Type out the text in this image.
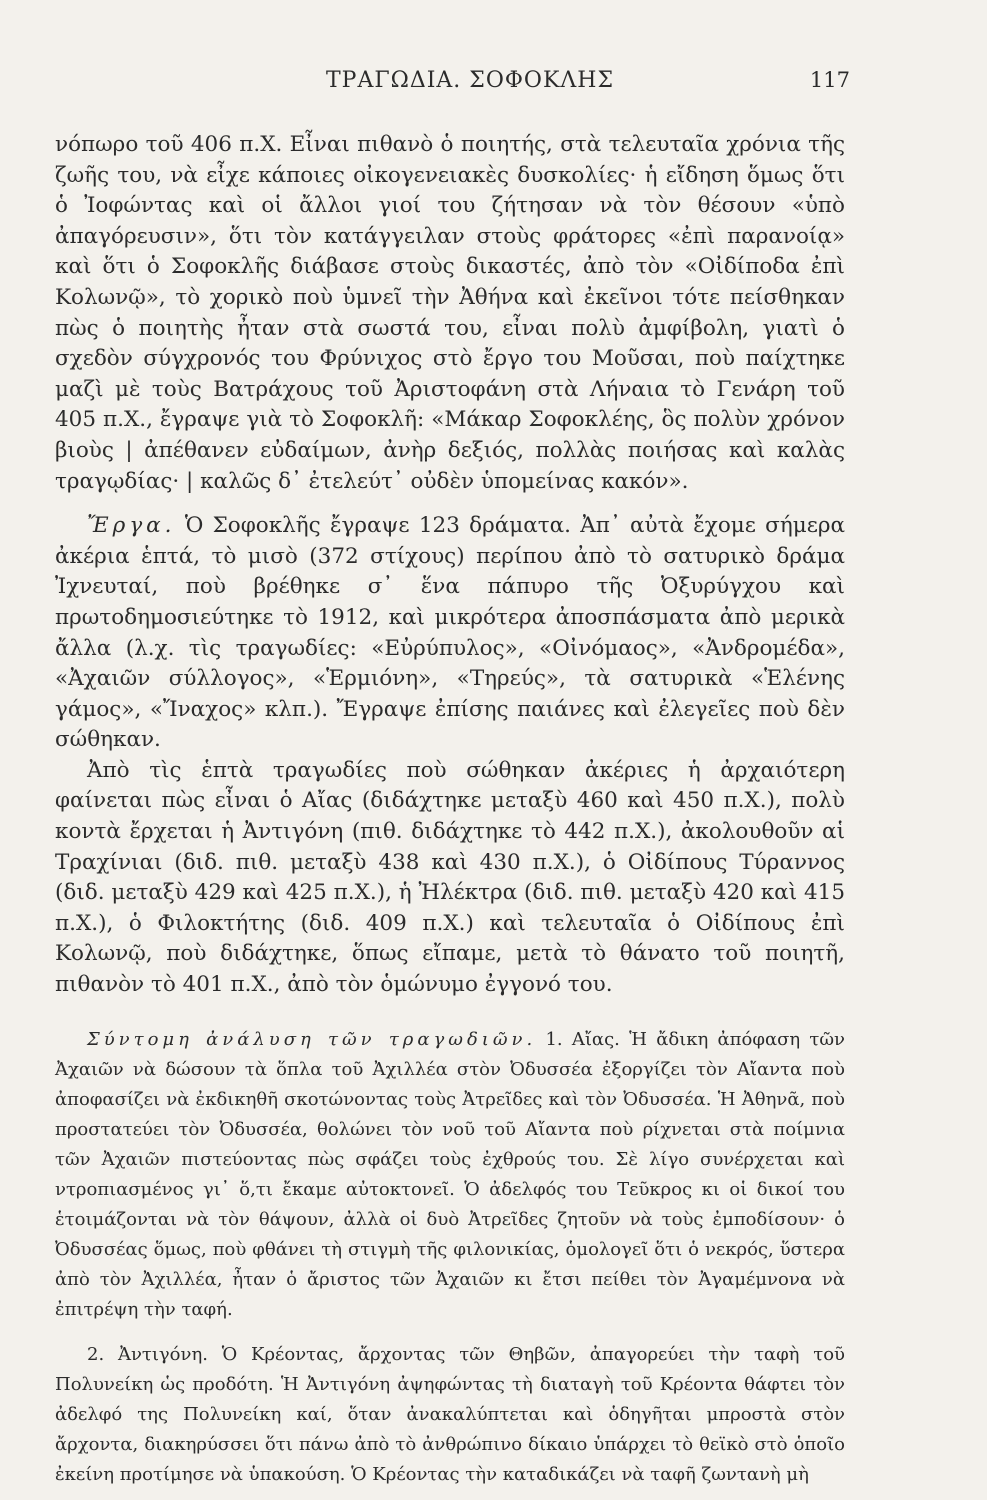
ΤΡΑΓΩΔΙΑ. ΣΟΦΟΚΛΗΣ	117

νόπωρο τοῦ 406 π.Χ. Εἶναι πιθανὸ ὁ ποιητής, στὰ τελευταῖα χρόνια τῆς ζωῆς του, νὰ εἶχε κάποιες οἰκογενειακὲς δυσκολίες· ἡ εἴδηση ὅμως ὅτι ὁ Ἰοφώντας καὶ οἱ ἄλλοι γιοί του ζήτησαν νὰ τὸν θέσουν «ὑπὸ ἀπαγόρευσιν», ὅτι τὸν κατάγγειλαν στοὺς φράτορες «ἐπὶ παρανοίᾳ» καὶ ὅτι ὁ Σοφοκλῆς διάβασε στοὺς δικαστές, ἀπὸ τὸν «Οἰδίποδα ἐπὶ Κολωνῷ», τὸ χορικὸ ποὺ ὑμνεῖ τὴν Ἀθήνα καὶ ἐκεῖνοι τότε πείσθηκαν πὼς ὁ ποιητὴς ἦταν στὰ σωστά του, εἶναι πολὺ ἀμφίβολη, γιατὶ ὁ σχεδὸν σύγχρονός του Φρύνιχος στὸ ἔργο του Μοῦσαι, ποὺ παίχτηκε μαζὶ μὲ τοὺς Βατράχους τοῦ Ἀριστοφάνη στὰ Λήναια τὸ Γενάρη τοῦ 405 π.Χ., ἔγραψε γιὰ τὸ Σοφοκλῆ: «Μάκαρ Σοφοκλέης, ὃς πολὺν χρόνον βιοὺς | ἀπέθανεν εὐδαίμων, ἀνὴρ δεξιός, πολλὰς ποιήσας καὶ καλὰς τραγῳδίας· | καλῶς δ᾽ ἐτελεύτ᾽ οὐδὲν ὑπομείνας κακόν».

Ἔργα. Ὁ Σοφοκλῆς ἔγραψε 123 δράματα. Ἀπ᾽ αὐτὰ ἔχομε σήμερα ἀκέρια ἑπτά, τὸ μισὸ (372 στίχους) περίπου ἀπὸ τὸ σατυρικὸ δράμα Ἰχνευταί, ποὺ βρέθηκε σ᾽ ἕνα πάπυρο τῆς Ὀξυρύγχου καὶ πρωτοδημοσιεύτηκε τὸ 1912, καὶ μικρότερα ἀποσπάσματα ἀπὸ μερικὰ ἄλλα (λ.χ. τὶς τραγωδίες: «Εὐρύπυλος», «Οἰνόμαος», «Ἀνδρομέδα», «Ἀχαιῶν σύλλογος», «Ἑρμιόνη», «Τηρεύς», τὰ σατυρικὰ «Ἑλένης γάμος», «Ἴναχος» κλπ.). Ἔγραψε ἐπίσης παιάνες καὶ ἐλεγεῖες ποὺ δὲν σώθηκαν.

Ἀπὸ τὶς ἑπτὰ τραγωδίες ποὺ σώθηκαν ἀκέριες ἡ ἀρχαιότερη φαίνεται πὼς εἶναι ὁ Αἴας (διδάχτηκε μεταξὺ 460 καὶ 450 π.Χ.), πολὺ κοντὰ ἔρχεται ἡ Ἀντιγόνη (πιθ. διδάχτηκε τὸ 442 π.Χ.), ἀκολουθοῦν αἱ Τραχίνιαι (διδ. πιθ. μεταξὺ 438 καὶ 430 π.Χ.), ὁ Οἰδίπους Τύραννος (διδ. μεταξὺ 429 καὶ 425 π.Χ.), ἡ Ἠλέκτρα (διδ. πιθ. μεταξὺ 420 καὶ 415 π.Χ.), ὁ Φιλοκτήτης (διδ. 409 π.Χ.) καὶ τελευταῖα ὁ Οἰδίπους ἐπὶ Κολωνῷ, ποὺ διδάχτηκε, ὅπως εἴπαμε, μετὰ τὸ θάνατο τοῦ ποιητῆ, πιθανὸν τὸ 401 π.Χ., ἀπὸ τὸν ὁμώνυμο ἐγγονό του.

Σύντομη ἀνάλυση τῶν τραγωδιῶν. 1. Αἴας. Ἡ ἄδικη ἀπόφαση τῶν Ἀχαιῶν νὰ δώσουν τὰ ὅπλα τοῦ Ἀχιλλέα στὸν Ὀδυσσέα ἐξοργίζει τὸν Αἴαντα ποὺ ἀποφασίζει νὰ ἐκδικηθῆ σκοτώνοντας τοὺς Ἀτρεῖδες καὶ τὸν Ὀδυσσέα. Ἡ Ἀθηνᾶ, ποὺ προστατεύει τὸν Ὀδυσσέα, θολώνει τὸν νοῦ τοῦ Αἴαντα ποὺ ρίχνεται στὰ ποίμνια τῶν Ἀχαιῶν πιστεύοντας πὼς σφάζει τοὺς ἐχθρούς του. Σὲ λίγο συνέρχεται καὶ ντροπιασμένος γι᾽ ὅ,τι ἔκαμε αὐτοκτονεῖ. Ὁ ἀδελφός του Τεῦκρος κι οἱ δικοί του ἑτοιμάζονται νὰ τὸν θάψουν, ἀλλὰ οἱ δυὸ Ἀτρεῖδες ζητοῦν νὰ τοὺς ἐμποδίσουν· ὁ Ὀδυσσέας ὅμως, ποὺ φθάνει τὴ στιγμὴ τῆς φιλονικίας, ὁμολογεῖ ὅτι ὁ νεκρός, ὕστερα ἀπὸ τὸν Ἀχιλλέα, ἦταν ὁ ἄριστος τῶν Ἀχαιῶν κι ἔτσι πείθει τὸν Ἀγαμέμνονα νὰ ἐπιτρέψη τὴν ταφή.

2. Ἀντιγόνη. Ὁ Κρέοντας, ἄρχοντας τῶν Θηβῶν, ἀπαγορεύει τὴν ταφὴ τοῦ Πολυνείκη ὡς προδότη. Ἡ Ἀντιγόνη ἀψηφώντας τὴ διαταγὴ τοῦ Κρέοντα θάφτει τὸν ἀδελφό της Πολυνείκη καί, ὅταν ἀνακαλύπτεται καὶ ὁδηγῆται μπροστὰ στὸν ἄρχοντα, διακηρύσσει ὅτι πάνω ἀπὸ τὸ ἀνθρώπινο δίκαιο ὑπάρχει τὸ θεϊκὸ στὸ ὁποῖο ἐκείνη προτίμησε νὰ ὑπακούση. Ὁ Κρέοντας τὴν καταδικάζει νὰ ταφῆ ζωντανὴ μὴ
